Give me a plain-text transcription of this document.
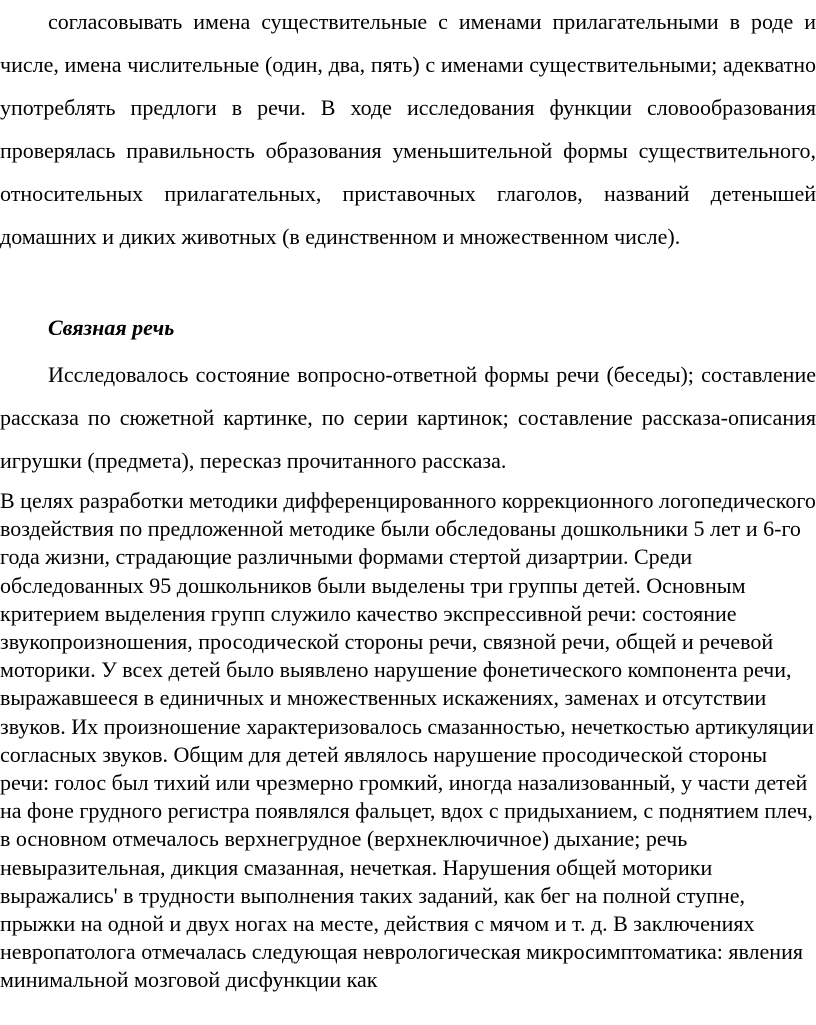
согласовывать имена существительные с именами прилагательными в роде и числе, имена числительные (один, два, пять) с именами существительными; адекватно употреблять предлоги в речи. В ходе исследования функции словообразования проверялась правильность образования уменьшительной формы существительного, относительных прилагательных, приставочных глаголов, названий детенышей домашних и диких животных (в единственном и множественном числе).

Связная речь

Исследовалось состояние вопросно-ответной формы речи (беседы); составление рассказа по сюжетной картинке, по серии картинок; составление рассказа-описания игрушки (предмета), пересказ прочитанного рассказа.

В целях разработки методики дифференцированного коррекционного логопедического воздействия по предложенной методике были обследованы дошкольники 5 лет и 6-го года жизни, страдающие различными формами стертой дизартрии. Среди обследованных 95 дошкольников были выделены три группы детей. Основным критерием выделения групп служило качество экспрессивной речи: состояние звукопроизношения, просодической стороны речи, связной речи, общей и речевой моторики. У всех детей было выявлено нарушение фонетического компонента речи, выражавшееся в единичных и множественных искажениях, заменах и отсутствии звуков. Их произношение характеризовалось смазанностью, нечеткостью артикуляции согласных звуков. Общим для детей являлось нарушение просодической стороны речи: голос был тихий или чрезмерно громкий, иногда назализованный, у части детей на фоне грудного регистра появлялся фальцет, вдох с придыханием, с поднятием плеч, в основном отмечалось верхнегрудное (верхнеключичное) дыхание; речь невыразительная, дикция смазанная, нечеткая. Нарушения общей моторики выражались' в трудности выполнения таких заданий, как бег на полной ступне, прыжки на одной и двух ногах на месте, действия с мячом и т. д. В заключениях невропатолога отмечалась следующая неврологическая микросимптоматика: явления минимальной мозговой дисфункции как
